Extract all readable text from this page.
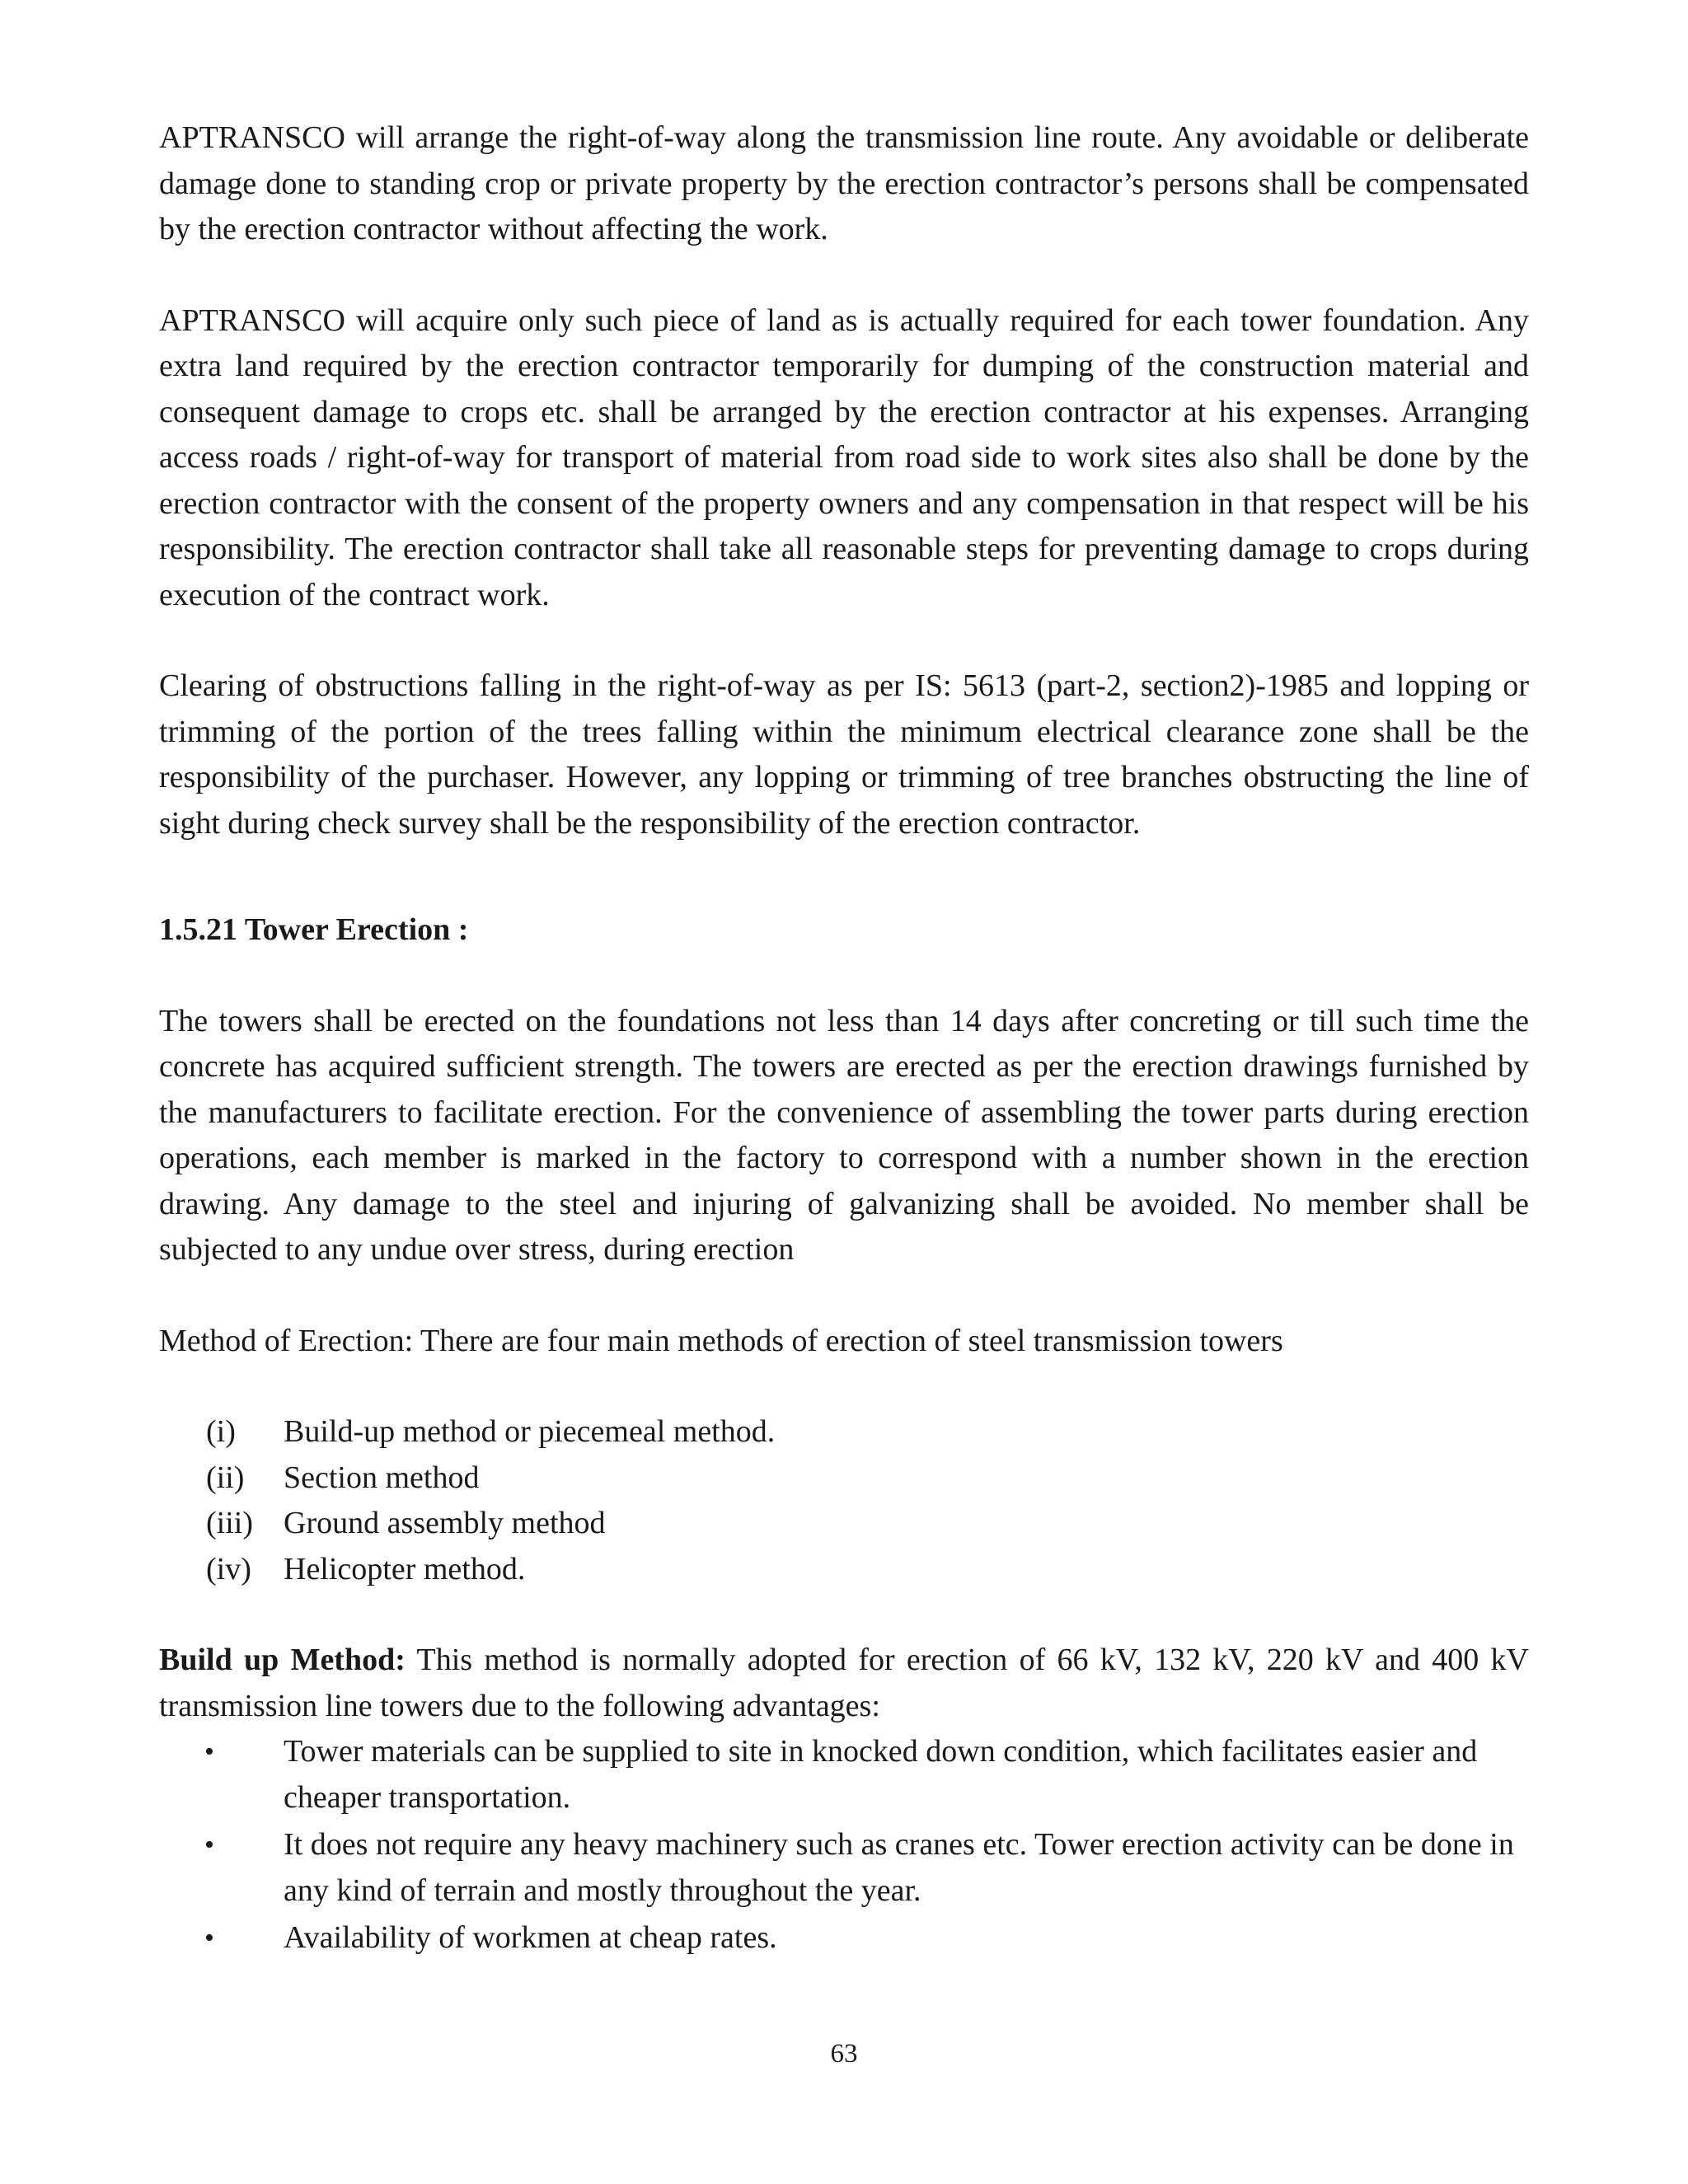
APTRANSCO will arrange the right-of-way along the transmission line route. Any avoidable or deliberate damage done to standing crop or private property by the erection contractor’s persons shall be compensated by the erection contractor without affecting the work.

APTRANSCO will acquire only such piece of land as is actually required for each tower foundation. Any extra land required by the erection contractor temporarily for dumping of the construction material and consequent damage to crops etc. shall be arranged by the erection contractor at his expenses. Arranging access roads / right-of-way for transport of material from road side to work sites also shall be done by the erection contractor with the consent of the property owners and any compensation in that respect will be his responsibility. The erection contractor shall take all reasonable steps for preventing damage to crops during execution of the contract work.

Clearing of obstructions falling in the right-of-way as per IS: 5613 (part-2, section2)-1985 and lopping or trimming of the portion of the trees falling within the minimum electrical clearance zone shall be the responsibility of the purchaser. However, any lopping or trimming of tree branches obstructing the line of sight during check survey shall be the responsibility of the erection contractor.

1.5.21 Tower Erection :

The towers shall be erected on the foundations not less than 14 days after concreting or till such time the concrete has acquired sufficient strength. The towers are erected as per the erection drawings furnished by the manufacturers to facilitate erection. For the convenience of assembling the tower parts during erection operations, each member is marked in the factory to correspond with a number shown in the erection drawing. Any damage to the steel and injuring of galvanizing shall be avoided. No member shall be subjected to any undue over stress, during erection

Method of Erection: There are four main methods of erection of steel transmission towers

(i) Build-up method or piecemeal method.
(ii) Section method
(iii) Ground assembly method
(iv) Helicopter method.

Build up Method: This method is normally adopted for erection of 66 kV, 132 kV, 220 kV and 400 kV transmission line towers due to the following advantages:

• Tower materials can be supplied to site in knocked down condition, which facilitates easier and cheaper transportation.
• It does not require any heavy machinery such as cranes etc. Tower erection activity can be done in any kind of terrain and mostly throughout the year.
• Availability of workmen at cheap rates.
63
